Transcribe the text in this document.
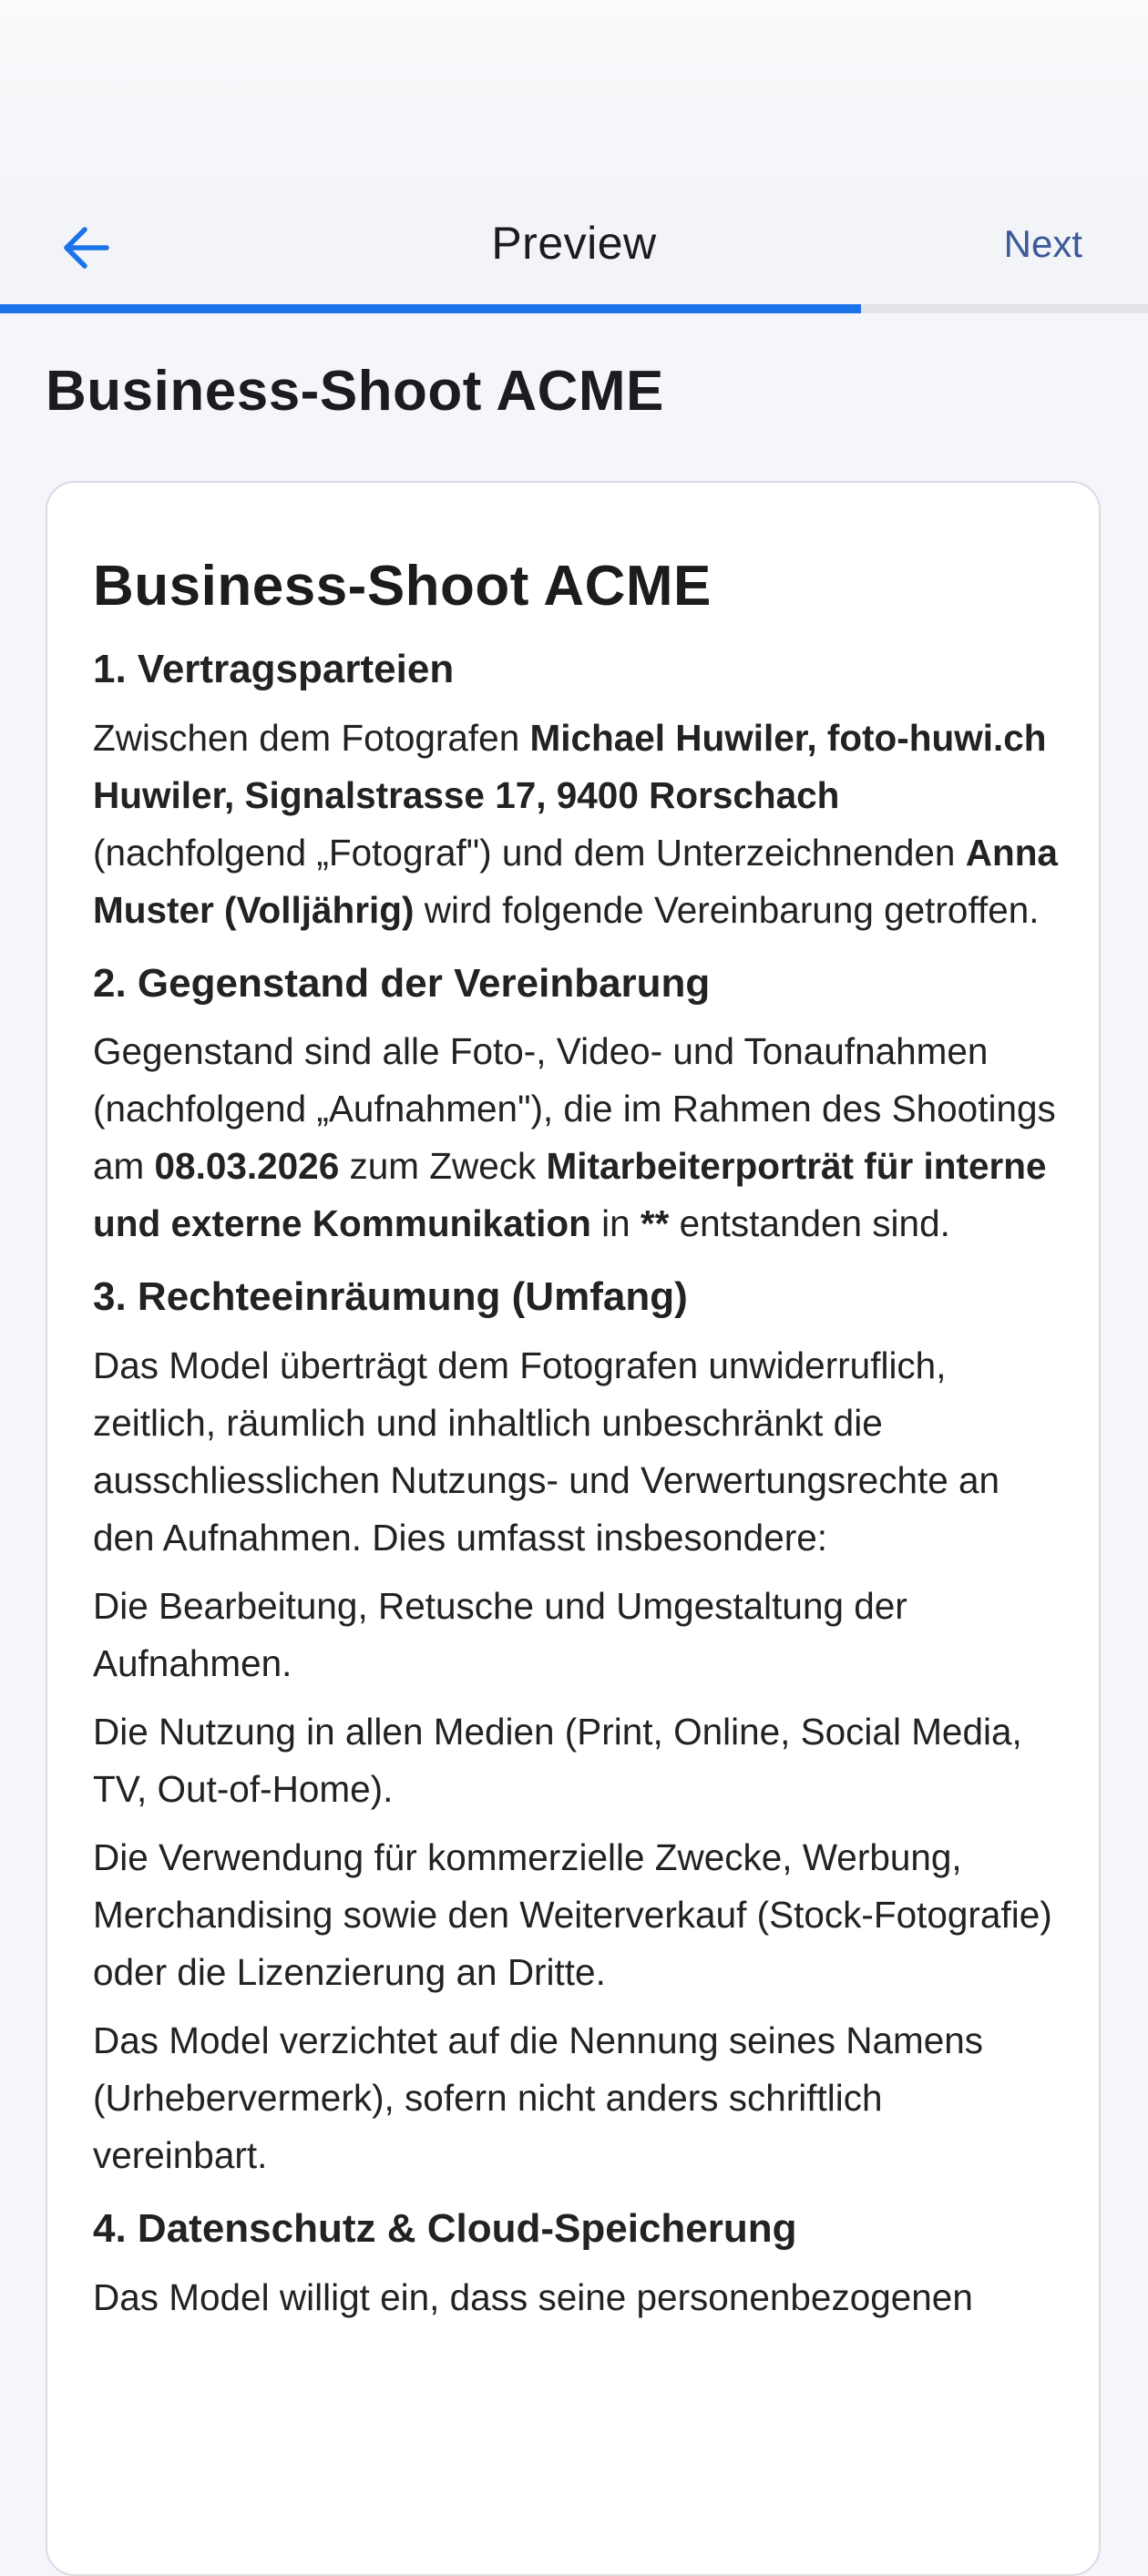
Preview	Next
Business-Shoot ACME
Business-Shoot ACME
1. Vertragsparteien

Zwischen dem Fotografen Michael Huwiler, foto-huwi.ch Huwiler, Signalstrasse 17, 9400 Rorschach (nachfolgend „Fotograf") und dem Unterzeichnenden Anna Muster (Volljährig) wird folgende Vereinbarung getroffen.

2. Gegenstand der Vereinbarung

Gegenstand sind alle Foto-, Video- und Tonaufnahmen (nachfolgend „Aufnahmen"), die im Rahmen des Shootings am 08.03.2026 zum Zweck Mitarbeiterporträt für interne und externe Kommunikation in ** entstanden sind.

3. Rechteeinräumung (Umfang)

Das Model überträgt dem Fotografen unwiderruflich, zeitlich, räumlich und inhaltlich unbeschränkt die ausschliesslichen Nutzungs- und Verwertungsrechte an den Aufnahmen. Dies umfasst insbesondere:

Die Bearbeitung, Retusche und Umgestaltung der Aufnahmen.

Die Nutzung in allen Medien (Print, Online, Social Media, TV, Out-of-Home).

Die Verwendung für kommerzielle Zwecke, Werbung, Merchandising sowie den Weiterverkauf (Stock-Fotografie) oder die Lizenzierung an Dritte.

Das Model verzichtet auf die Nennung seines Namens (Urhebervermerk), sofern nicht anders schriftlich vereinbart.

4. Datenschutz & Cloud-Speicherung

Das Model willigt ein, dass seine personenbezogenen
